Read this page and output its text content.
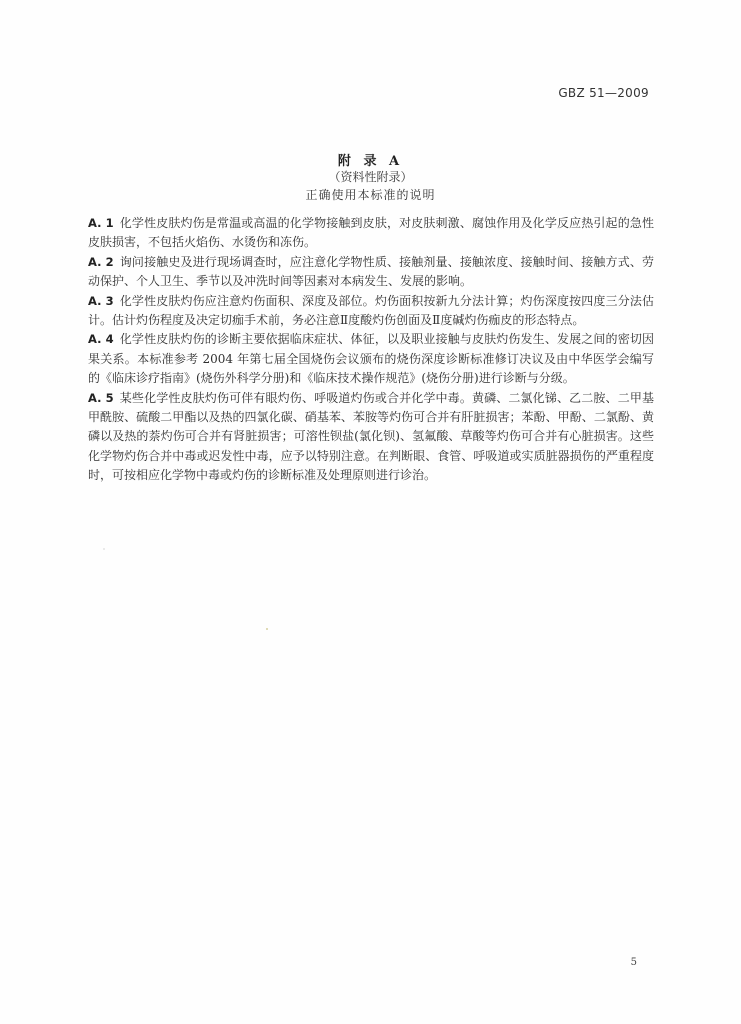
GBZ 51—2009
附 录 A
（资料性附录）
正确使用本标准的说明

A. 1 化学性皮肤灼伤是常温或高温的化学物接触到皮肤，对皮肤刺激、腐蚀作用及化学反应热引起的急性皮肤损害，不包括火焰伤、水烫伤和冻伤。

A. 2 询问接触史及进行现场调查时，应注意化学物性质、接触剂量、接触浓度、接触时间、接触方式、劳动保护、个人卫生、季节以及冲洗时间等因素对本病发生、发展的影响。

A. 3 化学性皮肤灼伤应注意灼伤面积、深度及部位。灼伤面积按新九分法计算；灼伤深度按四度三分法估计。估计灼伤程度及决定切痂手术前，务必注意Ⅱ度酸灼伤创面及Ⅱ度碱灼伤痂皮的形态特点。

A. 4 化学性皮肤灼伤的诊断主要依据临床症状、体征，以及职业接触与皮肤灼伤发生、发展之间的密切因果关系。本标准参考 2004 年第七届全国烧伤会议颁布的烧伤深度诊断标准修订决议及由中华医学会编写的《临床诊疗指南》(烧伤外科学分册)和《临床技术操作规范》(烧伤分册)进行诊断与分级。

A. 5 某些化学性皮肤灼伤可伴有眼灼伤、呼吸道灼伤或合并化学中毒。黄磷、二氯化锑、乙二胺、二甲基甲酰胺、硫酸二甲酯以及热的四氯化碳、硝基苯、苯胺等灼伤可合并有肝脏损害；苯酚、甲酚、二氯酚、黄磷以及热的萘灼伤可合并有肾脏损害；可溶性钡盐(氯化钡)、氢氟酸、草酸等灼伤可合并有心脏损害。这些化学物灼伤合并中毒或迟发性中毒，应予以特别注意。在判断眼、食管、呼吸道或实质脏器损伤的严重程度时，可按相应化学物中毒或灼伤的诊断标准及处理原则进行诊治。

5
